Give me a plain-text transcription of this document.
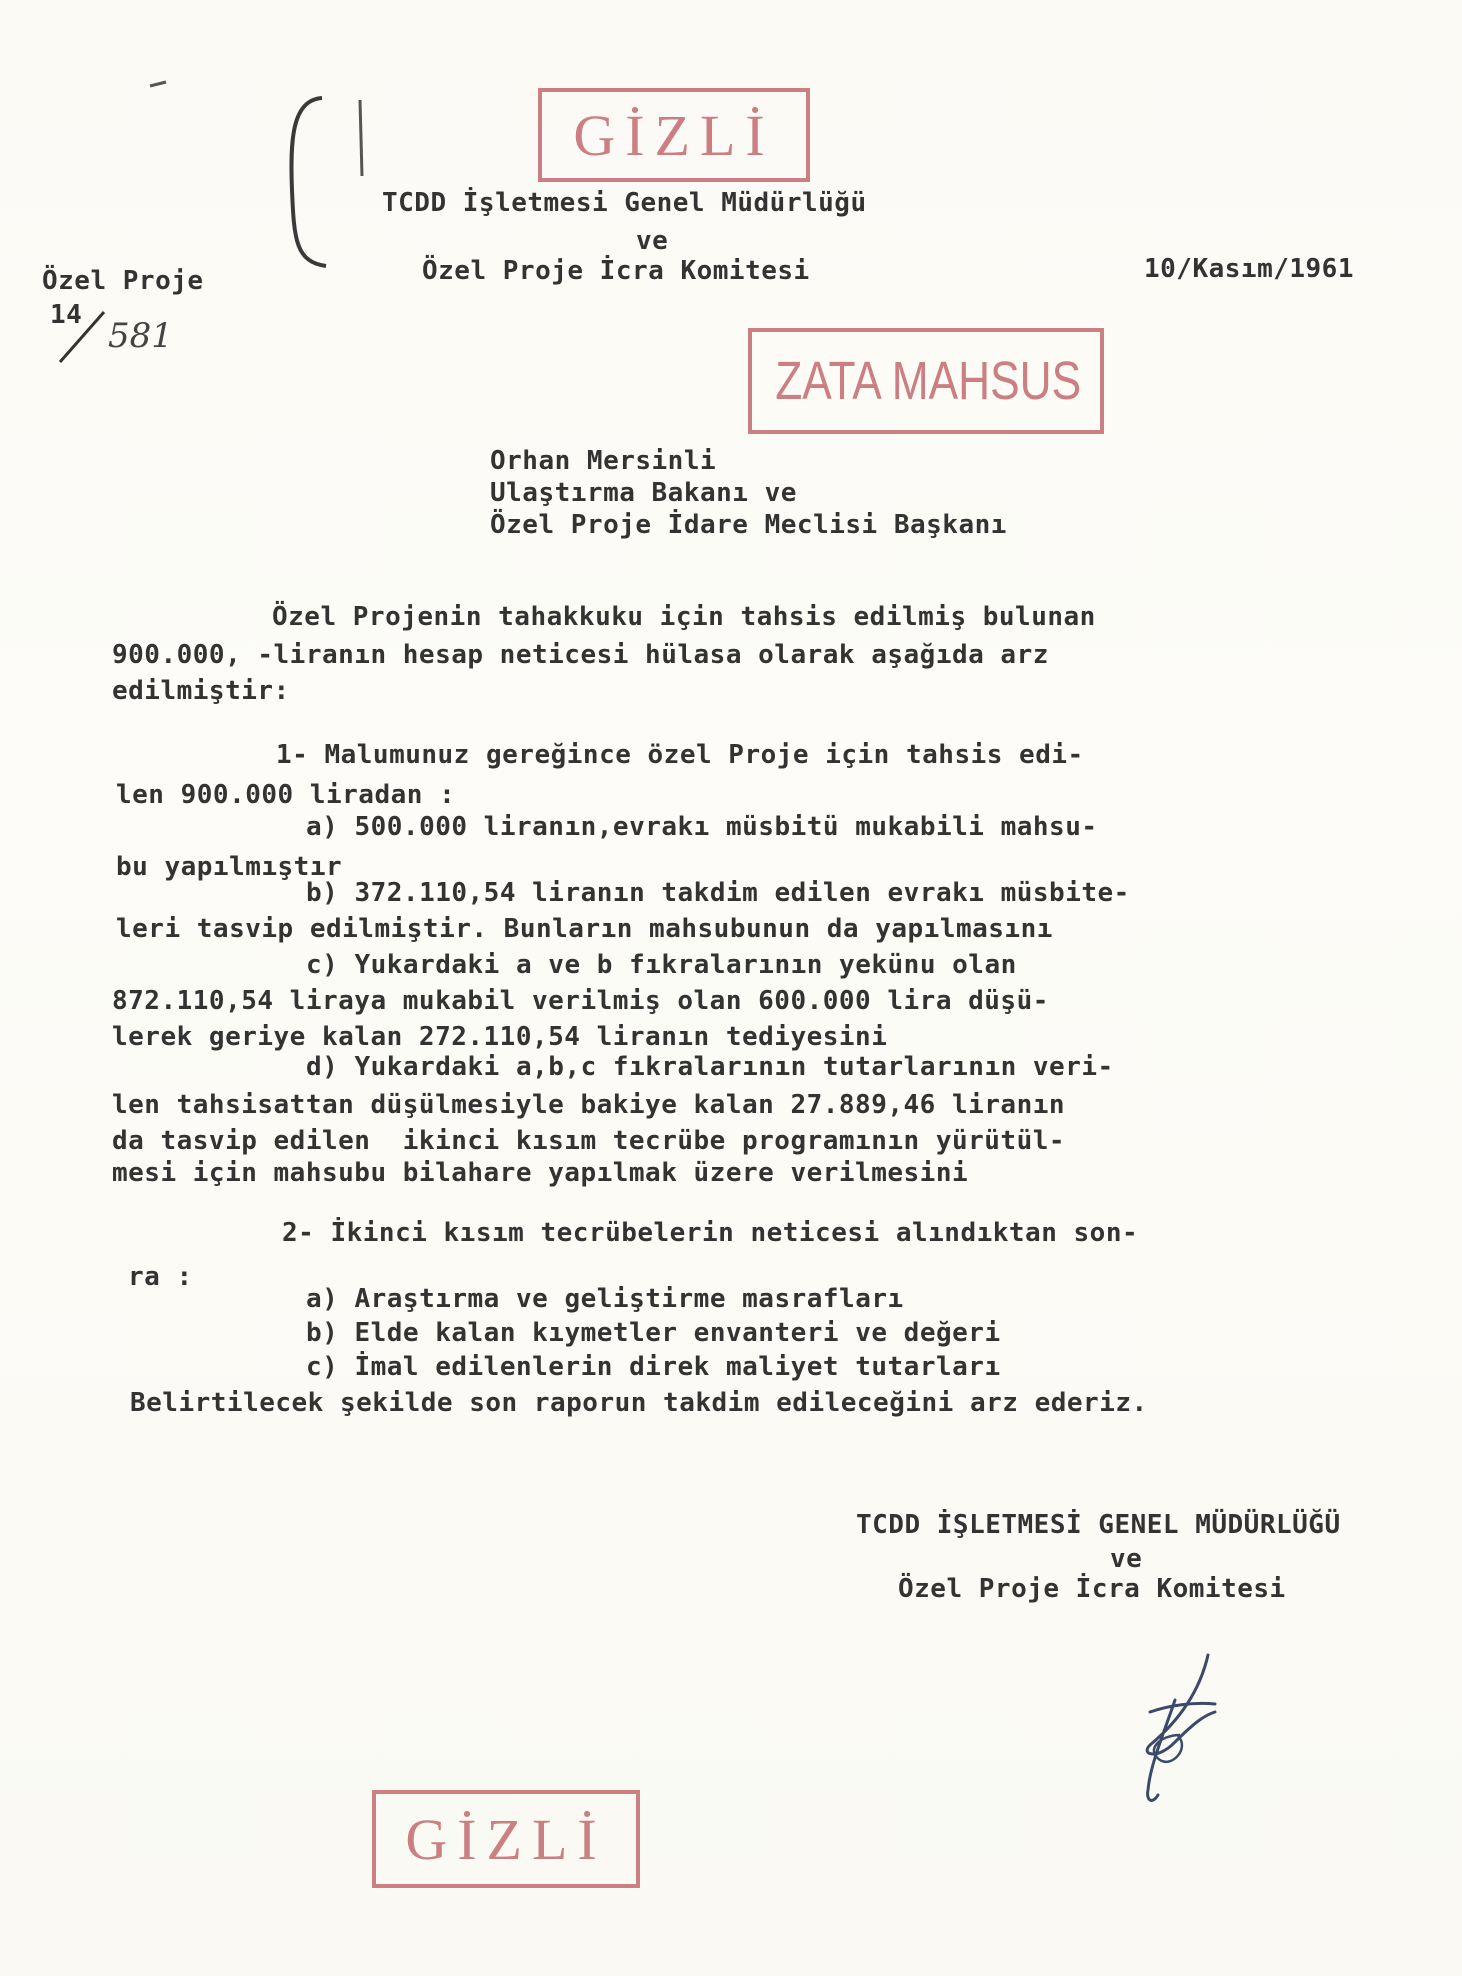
GİZLİ
ZATA MAHSUS
TCDD İşletmesi Genel Müdürlüğü
ve
Özel Proje İcra Komitesi
Özel Proje
14
581
10/Kasım/1961
Orhan Mersinli
Ulaştırma Bakanı ve
Özel Proje İdare Meclisi Başkanı
Özel Projenin tahakkuku için tahsis edilmiş bulunan
900.000, -liranın hesap neticesi hülasa olarak aşağıda arz
edilmiştir:
1- Malumunuz gereğince özel Proje için tahsis edi-
len 900.000 liradan :
a) 500.000 liranın,evrakı müsbitü mukabili mahsu-
bu yapılmıştır
b) 372.110,54 liranın takdim edilen evrakı müsbite-
leri tasvip edilmiştir. Bunların mahsubunun da yapılmasını
c) Yukardaki a ve b fıkralarının yekünu olan
872.110,54 liraya mukabil verilmiş olan 600.000 lira düşü-
lerek geriye kalan 272.110,54 liranın tediyesini
d) Yukardaki a,b,c fıkralarının tutarlarının veri-
len tahsisattan düşülmesiyle bakiye kalan 27.889,46 liranın
da tasvip edilen  ikinci kısım tecrübe programının yürütül-
mesi için mahsubu bilahare yapılmak üzere verilmesini
2- İkinci kısım tecrübelerin neticesi alındıktan son-
ra :
a) Araştırma ve geliştirme masrafları
b) Elde kalan kıymetler envanteri ve değeri
c) İmal edilenlerin direk maliyet tutarları
Belirtilecek şekilde son raporun takdim edileceğini arz ederiz.
TCDD İŞLETMESİ GENEL MÜDÜRLÜĞÜ
ve
Özel Proje İcra Komitesi
GİZLİ
